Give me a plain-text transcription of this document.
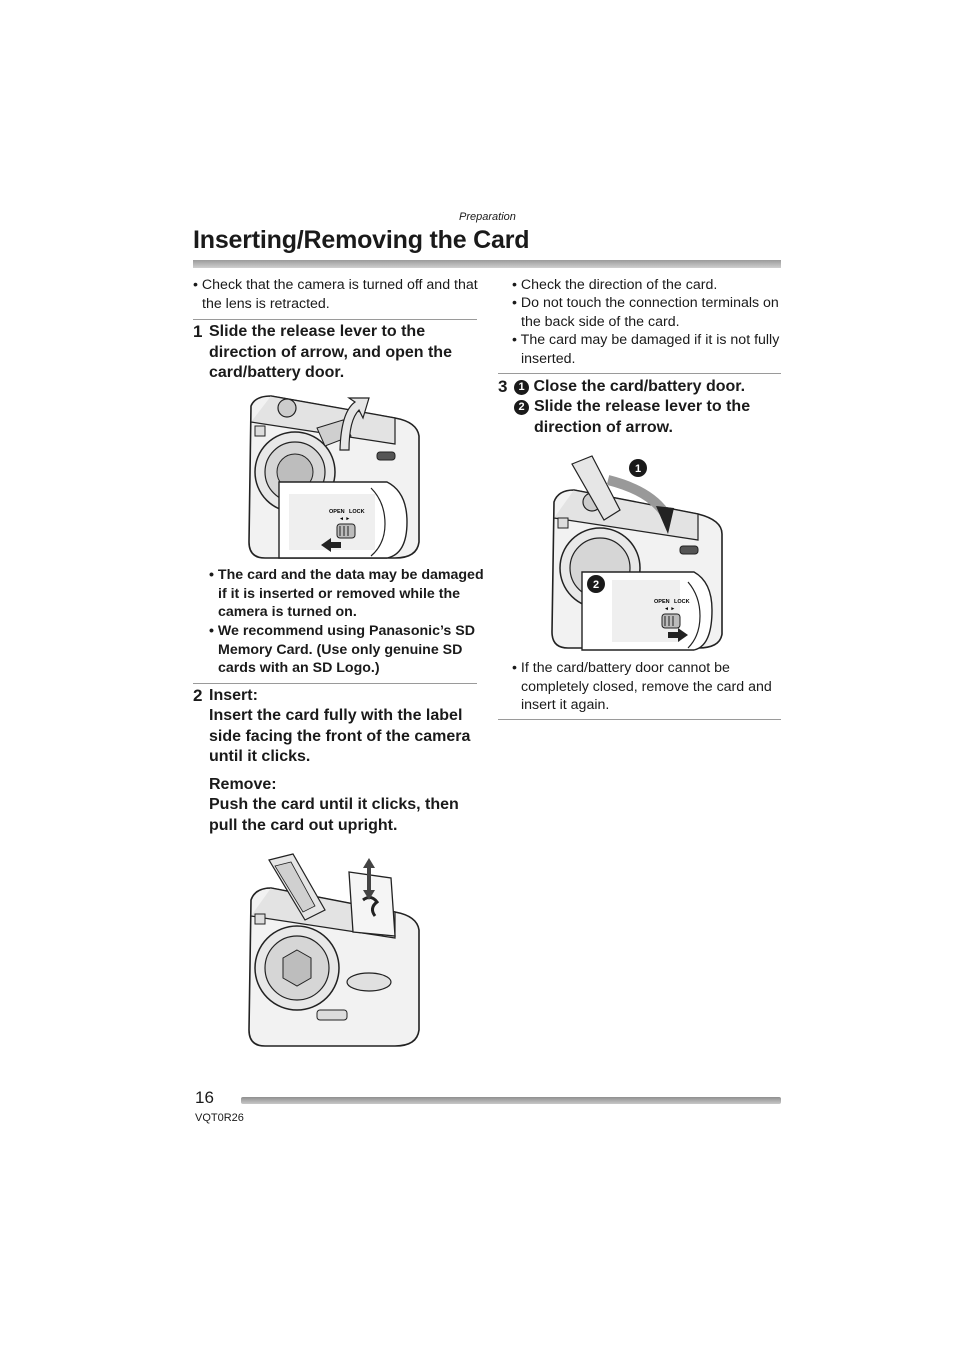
Preparation
Inserting/Removing the Card
• Check that the camera is turned off and that the lens is retracted.
1 Slide the release lever to the direction of arrow, and open the card/battery door.
OPEN LOCK
◄ ►
• The card and the data may be damaged if it is inserted or removed while the camera is turned on.
• We recommend using Panasonic’s SD Memory Card. (Use only genuine SD cards with an SD Logo.)
2 Insert:
Insert the card fully with the label side facing the front of the camera until it clicks.
Remove:
Push the card until it clicks, then pull the card out upright.
• Check the direction of the card.
• Do not touch the connection terminals on the back side of the card.
• The card may be damaged if it is not fully inserted.
3 1 Close the card/battery door.
2 Slide the release lever to the direction of arrow.
1
2
OPEN LOCK
◄ ►
• If the card/battery door cannot be completely closed, remove the card and insert it again.
16
VQT0R26
